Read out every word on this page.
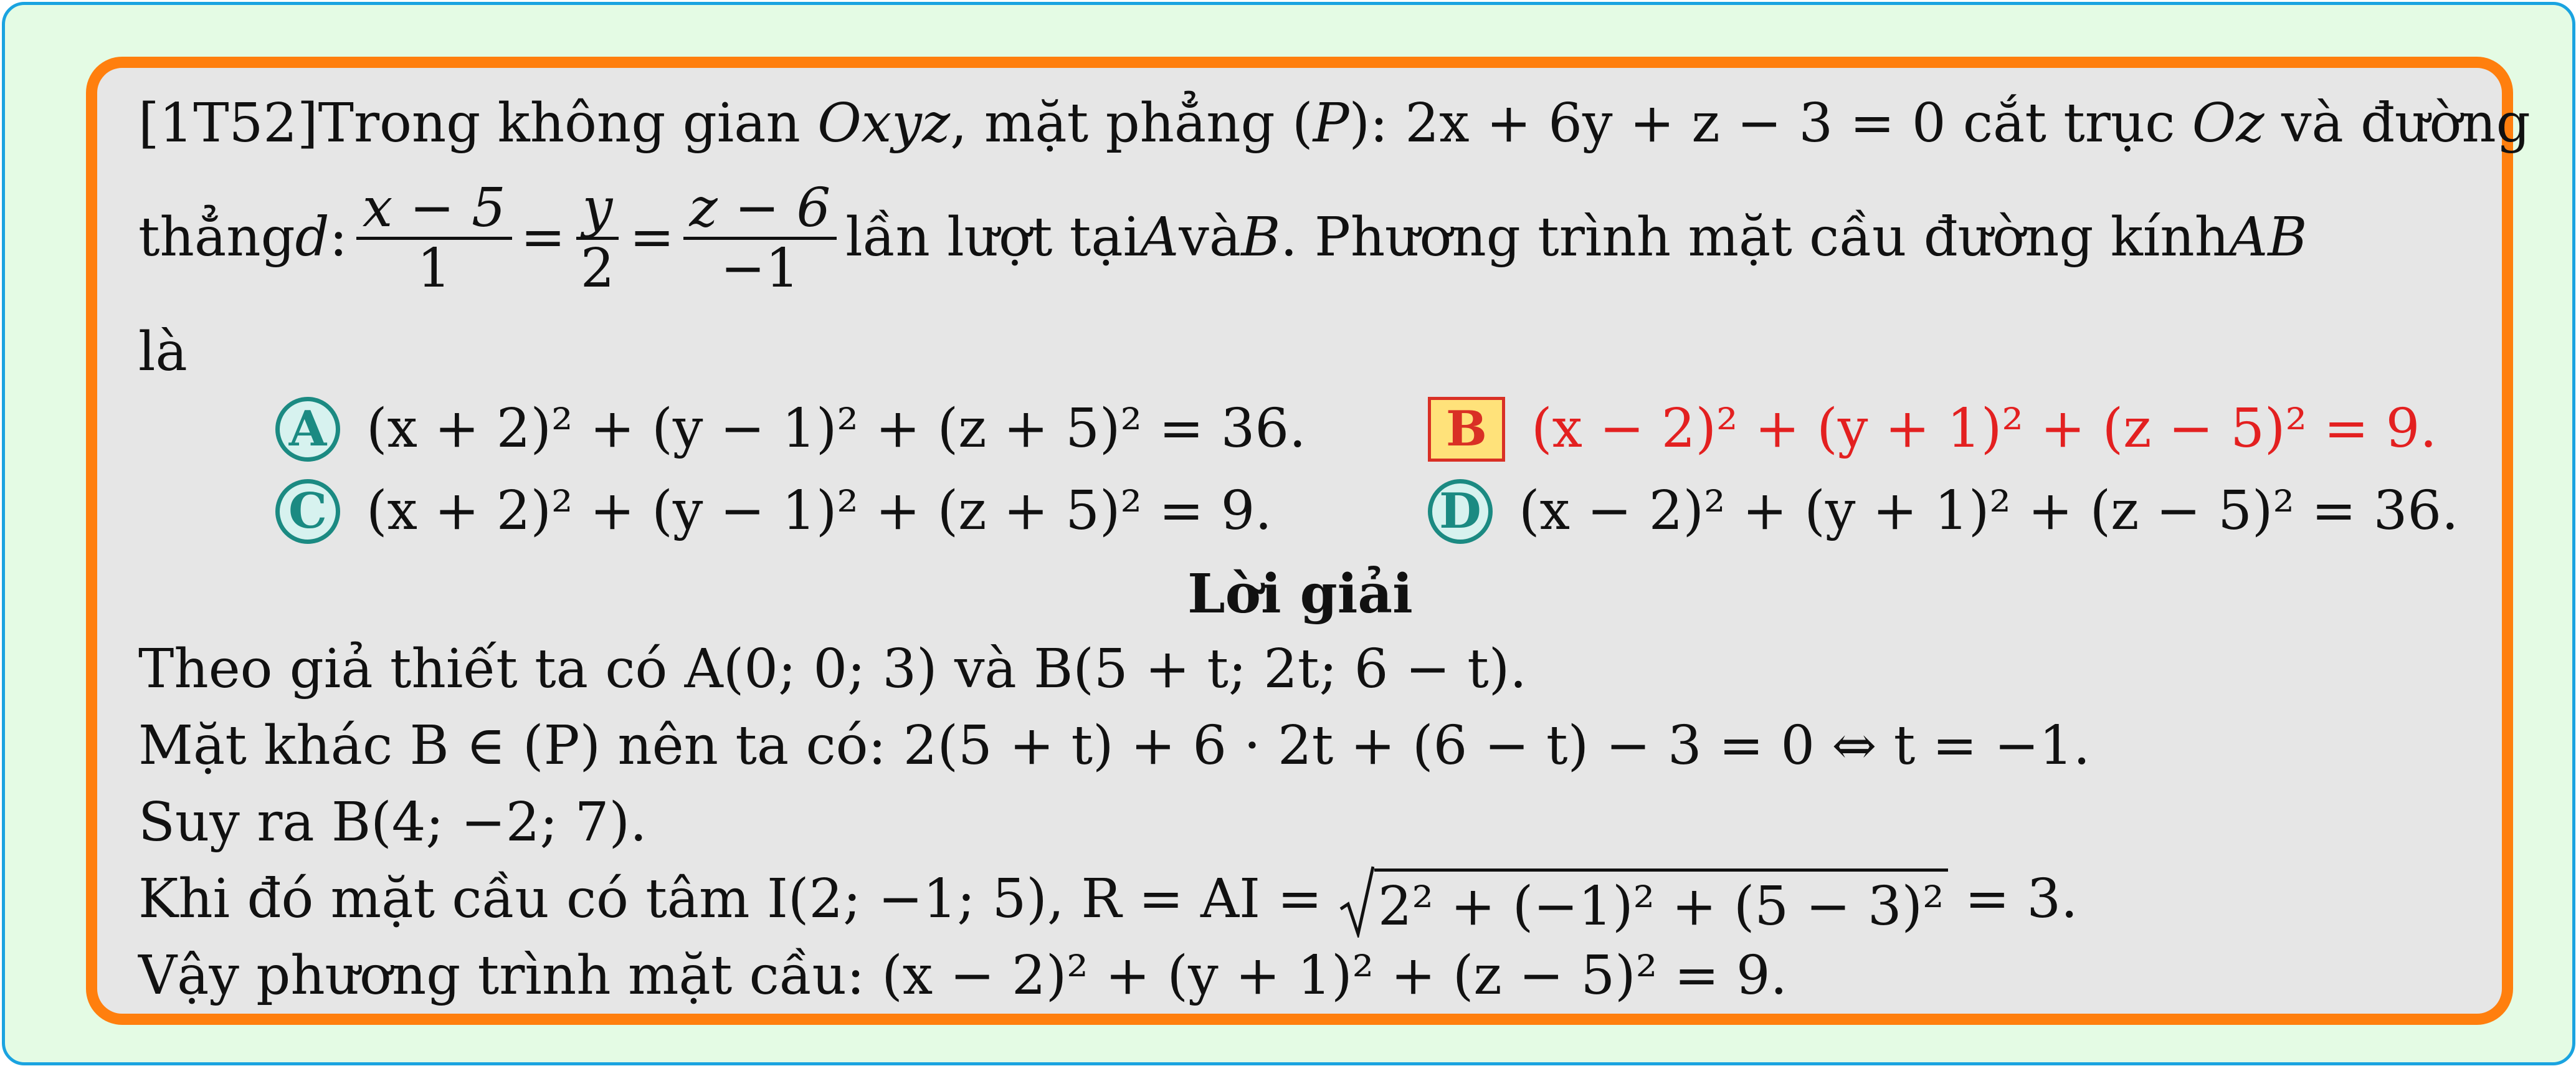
[1T52]Trong không gian Oxyz, mặt phẳng (P): 2x + 6y + z − 3 = 0 cắt trục Oz và đường
thẳng d : $\frac{x - 5}{1} = \frac{y}{2} = \frac{z - 6}{-1}$ lần lượt tại A và B . Phương trình mặt cầu đường kính AB
là
A (x + 2)² + (y − 1)² + (z + 5)² = 36.	B (x − 2)² + (y + 1)² + (z − 5)² = 9.
C (x + 2)² + (y − 1)² + (z + 5)² = 9.	D (x − 2)² + (y + 1)² + (z − 5)² = 36.
Lời giải
Theo giả thiết ta có A(0; 0; 3) và B(5 + t; 2t; 6 − t).
Mặt khác B ∈ (P) nên ta có: 2(5 + t) + 6 · 2t + (6 − t) − 3 = 0 ⇔ t = −1.
Suy ra B(4; −2; 7).
Khi đó mặt cầu có tâm I(2; −1; 5), R = AI = 2² + (−1)² + (5 − 3)² = 3.
Vậy phương trình mặt cầu: (x − 2)² + (y + 1)² + (z − 5)² = 9.
